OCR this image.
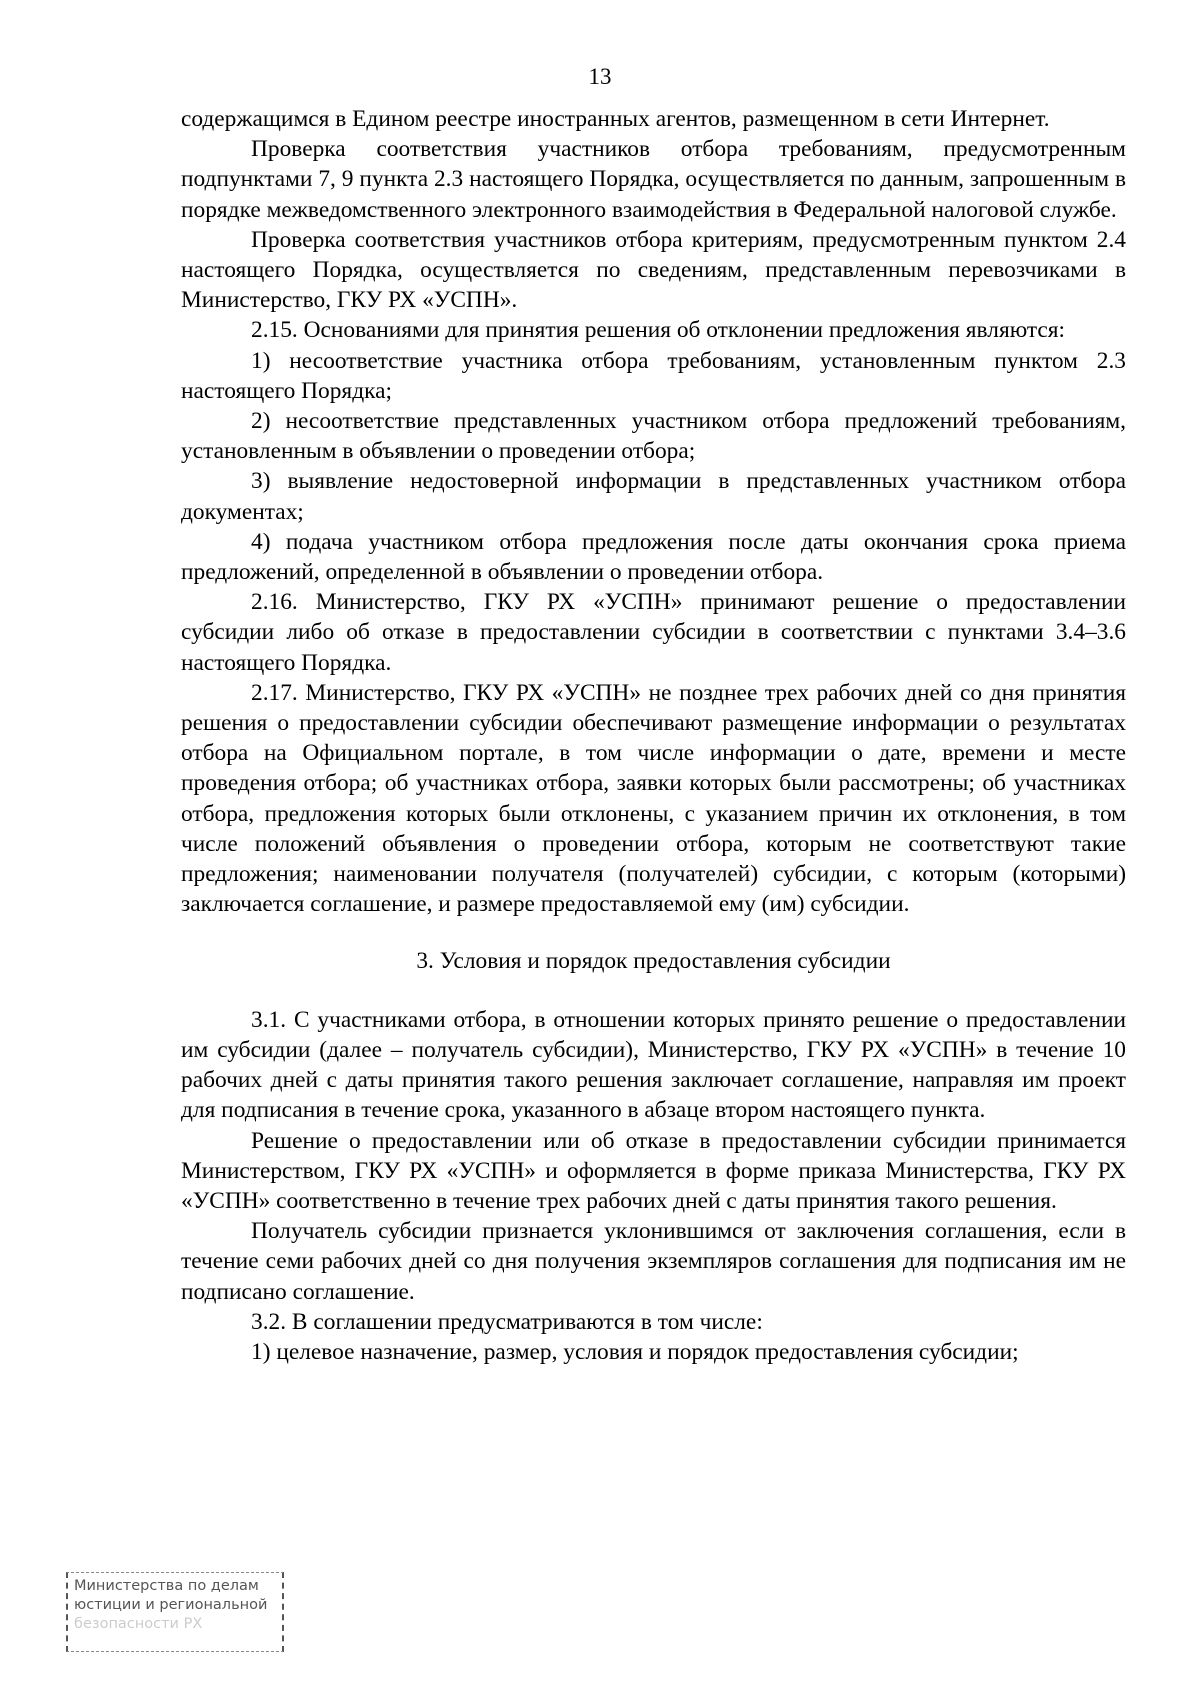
13

содержащимся в Едином реестре иностранных агентов, размещенном в сети Интернет.

Проверка соответствия участников отбора требованиям, предусмотренным подпунктами 7, 9 пункта 2.3 настоящего Порядка, осуществляется по данным, запрошенным в порядке межведомственного электронного взаимодействия в Федеральной налоговой службе.

Проверка соответствия участников отбора критериям, предусмотренным пунктом 2.4 настоящего Порядка, осуществляется по сведениям, представленным перевозчиками в Министерство, ГКУ РХ «УСПН».

2.15. Основаниями для принятия решения об отклонении предложения являются:

1) несоответствие участника отбора требованиям, установленным пунктом 2.3 настоящего Порядка;

2) несоответствие представленных участником отбора предложений требованиям, установленным в объявлении о проведении отбора;

3) выявление недостоверной информации в представленных участником отбора документах;

4) подача участником отбора предложения после даты окончания срока приема предложений, определенной в объявлении о проведении отбора.

2.16. Министерство, ГКУ РХ «УСПН» принимают решение о предоставлении субсидии либо об отказе в предоставлении субсидии в соответствии с пунктами 3.4–3.6 настоящего Порядка.

2.17. Министерство, ГКУ РХ «УСПН» не позднее трех рабочих дней со дня принятия решения о предоставлении субсидии обеспечивают размещение информации о результатах отбора на Официальном портале, в том числе информации о дате, времени и месте проведения отбора; об участниках отбора, заявки которых были рассмотрены; об участниках отбора, предложения которых были отклонены, с указанием причин их отклонения, в том числе положений объявления о проведении отбора, которым не соответствуют такие предложения; наименовании получателя (получателей) субсидии, с которым (которыми) заключается соглашение, и размере предоставляемой ему (им) субсидии.

3. Условия и порядок предоставления субсидии

3.1. С участниками отбора, в отношении которых принято решение о предоставлении им субсидии (далее – получатель субсидии), Министерство, ГКУ РХ «УСПН» в течение 10 рабочих дней с даты принятия такого решения заключает соглашение, направляя им проект для подписания в течение срока, указанного в абзаце втором настоящего пункта.

Решение о предоставлении или об отказе в предоставлении субсидии принимается Министерством, ГКУ РХ «УСПН» и оформляется в форме приказа Министерства, ГКУ РХ «УСПН» соответственно в течение трех рабочих дней с даты принятия такого решения.

Получатель субсидии признается уклонившимся от заключения соглашения, если в течение семи рабочих дней со дня получения экземпляров соглашения для подписания им не подписано соглашение.

3.2. В соглашении предусматриваются в том числе:

1) целевое назначение, размер, условия и порядок предоставления субсидии;

Министерства по делам
юстиции и региональной
безопасности РХ
